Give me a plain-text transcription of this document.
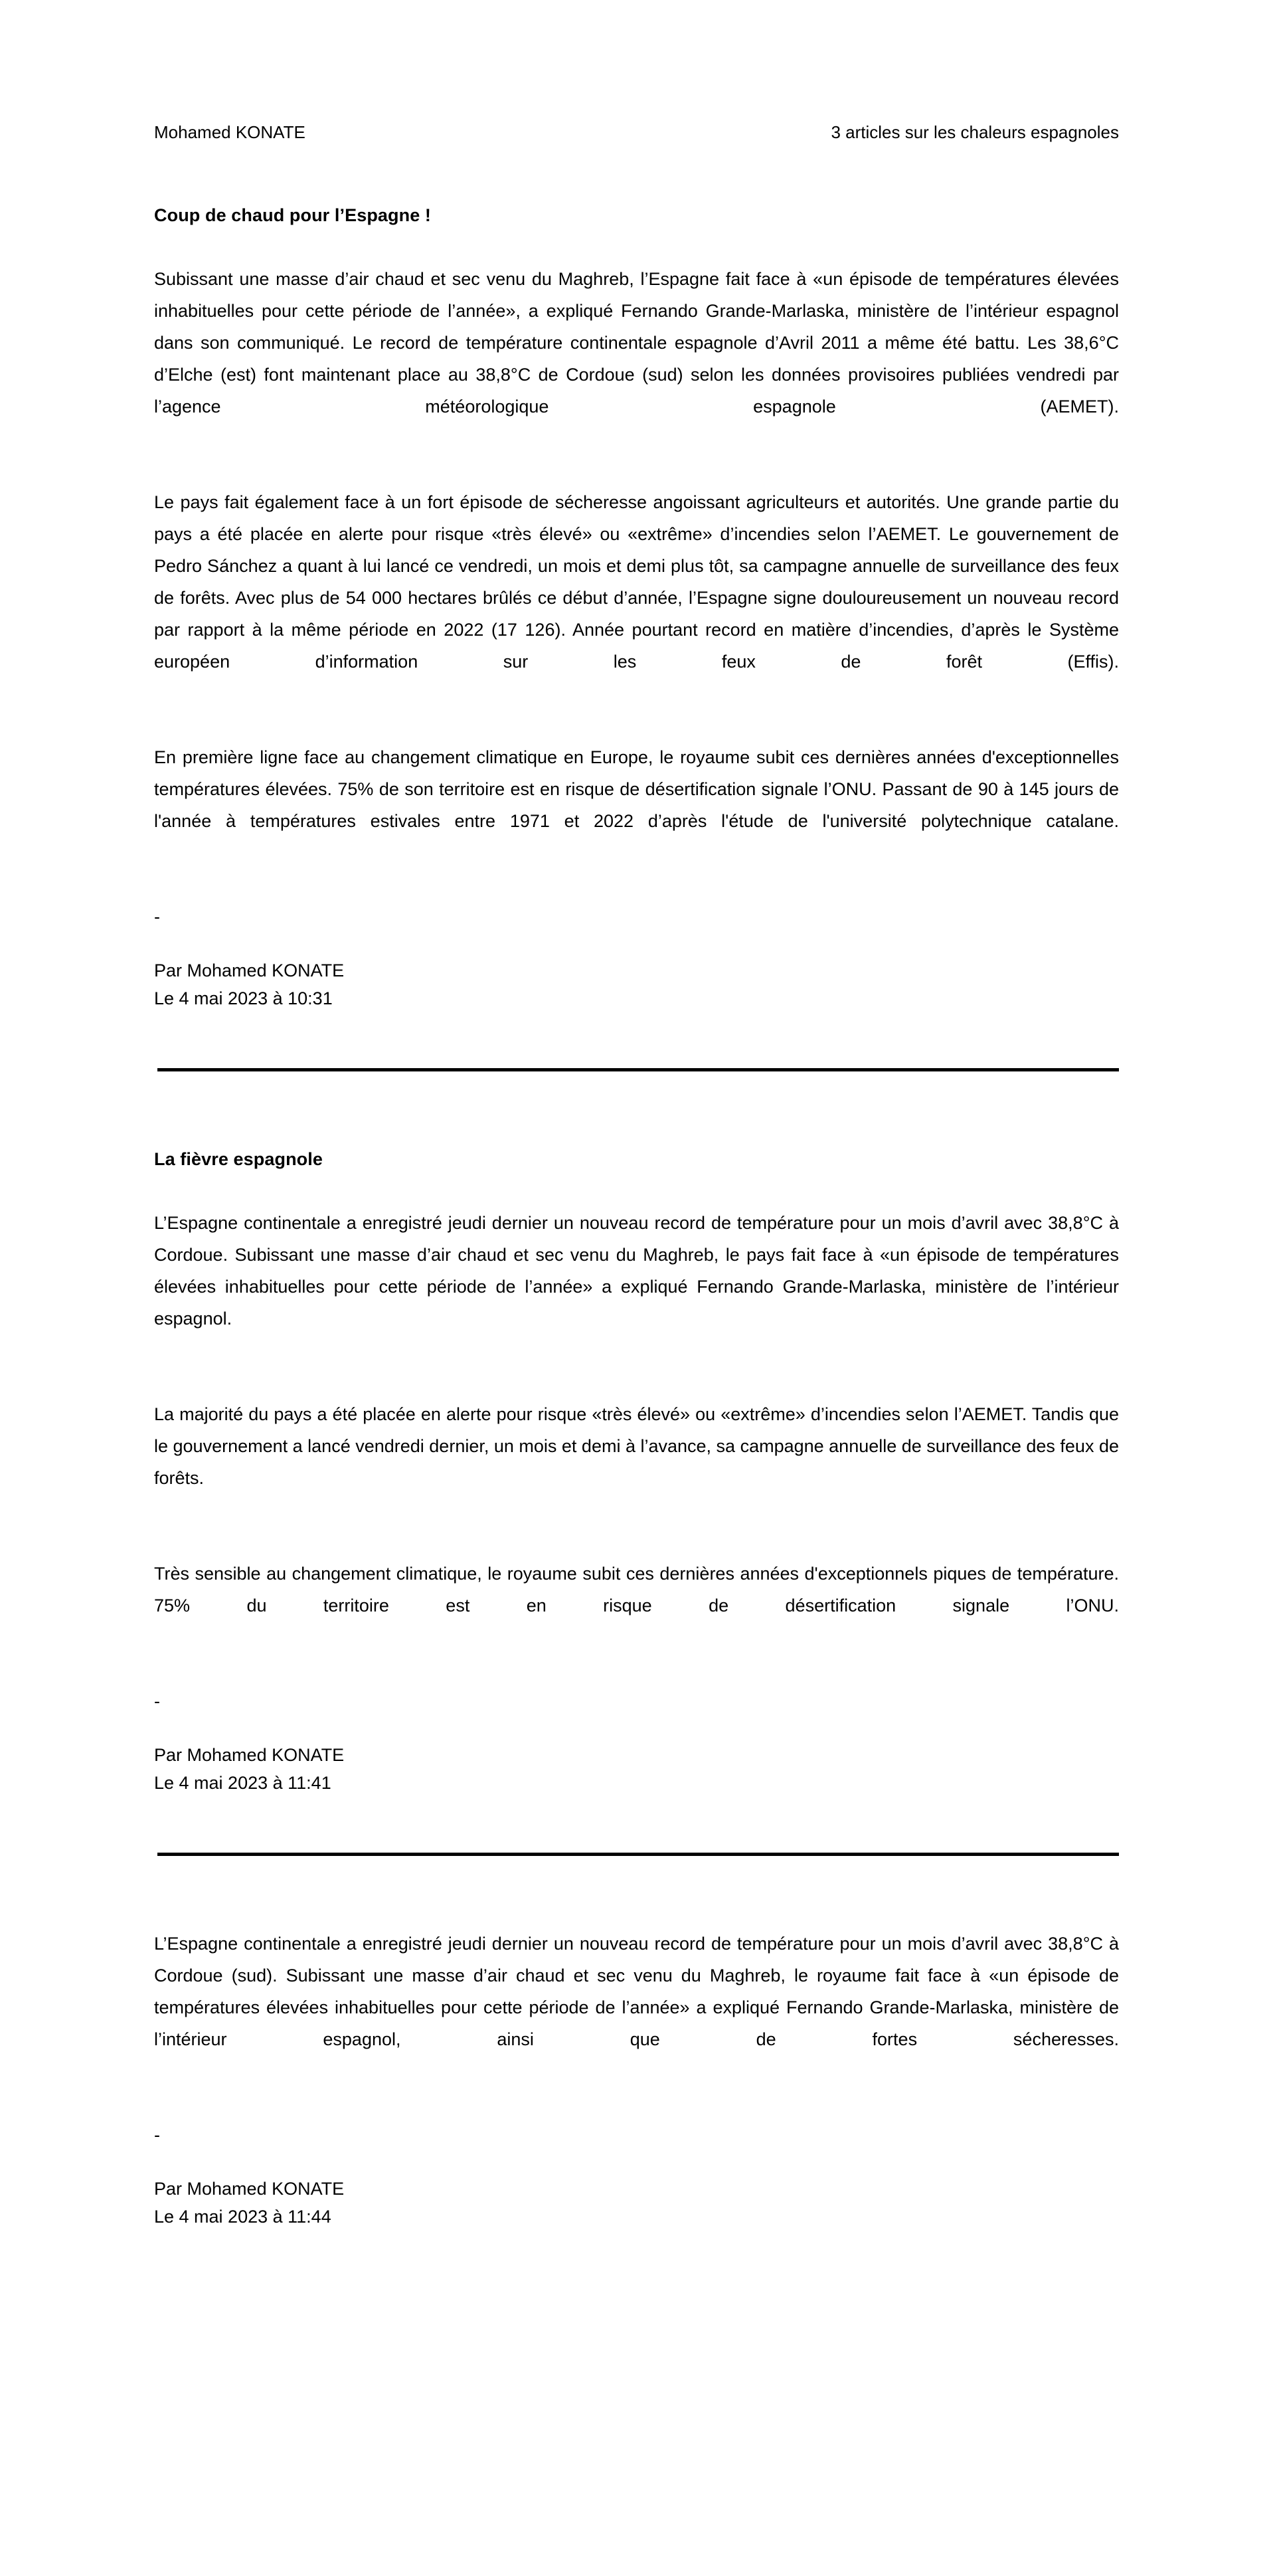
Mohamed KONATE	3 articles sur les chaleurs espagnoles
Coup de chaud pour l’Espagne !

Subissant une masse d’air chaud et sec venu du Maghreb, l’Espagne fait face à «un épisode de températures élevées inhabituelles pour cette période de l’année», a expliqué Fernando Grande-Marlaska, ministère de l’intérieur espagnol dans son communiqué. Le record de température continentale espagnole d’Avril 2011 a même été battu. Les 38,6°C d’Elche (est) font maintenant place au 38,8°C de Cordoue (sud) selon les données provisoires publiées vendredi par l’agence météorologique espagnole (AEMET).

Le pays fait également face à un fort épisode de sécheresse angoissant agriculteurs et autorités. Une grande partie du pays a été placée en alerte pour risque «très élevé» ou «extrême» d’incendies selon l’AEMET. Le gouvernement de Pedro Sánchez a quant à lui lancé ce vendredi, un mois et demi plus tôt, sa campagne annuelle de surveillance des feux de forêts. Avec plus de 54 000 hectares brûlés ce début d’année, l’Espagne signe douloureusement un nouveau record par rapport à la même période en 2022 (17 126). Année pourtant record en matière d’incendies, d’après le Système européen d’information sur les feux de forêt (Effis).

En première ligne face au changement climatique en Europe, le royaume subit ces dernières années d'exceptionnelles températures élevées. 75% de son territoire est en risque de désertification signale l’ONU. Passant de 90 à 145 jours de l'année à températures estivales entre 1971 et 2022 d’après l'étude de l'université polytechnique catalane.

-

Par Mohamed KONATE

Le 4 mai 2023 à 10:31

La fièvre espagnole

L’Espagne continentale a enregistré jeudi dernier un nouveau record de température pour un mois d’avril avec 38,8°C à Cordoue. Subissant une masse d’air chaud et sec venu du Maghreb, le pays fait face à «un épisode de températures élevées inhabituelles pour cette période de l’année» a expliqué Fernando Grande-Marlaska, ministère de l’intérieur espagnol.

La majorité du pays a été placée en alerte pour risque «très élevé» ou «extrême» d’incendies selon l’AEMET. Tandis que le gouvernement a lancé vendredi dernier, un mois et demi à l’avance, sa campagne annuelle de surveillance des feux de forêts.

Très sensible au changement climatique, le royaume subit ces dernières années d'exceptionnels piques de température. 75% du territoire est en risque de désertification signale l’ONU.

-

Par Mohamed KONATE

Le 4 mai 2023 à 11:41

L’Espagne continentale a enregistré jeudi dernier un nouveau record de température pour un mois d’avril avec 38,8°C à Cordoue (sud). Subissant une masse d’air chaud et sec venu du Maghreb, le royaume fait face à «un épisode de températures élevées inhabituelles pour cette période de l’année» a expliqué Fernando Grande-Marlaska, ministère de l’intérieur espagnol, ainsi que de fortes sécheresses.

-

Par Mohamed KONATE

Le 4 mai 2023 à 11:44
